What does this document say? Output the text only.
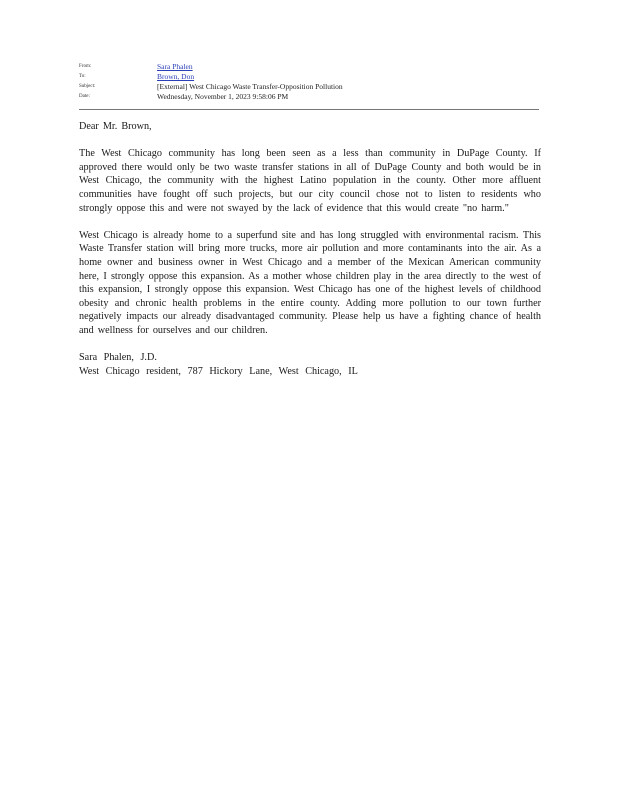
From:	Sara Phalen
To:	Brown, Don
Subject:	[External] West Chicago Waste Transfer-Opposition Pollution
Date:	Wednesday, November 1, 2023 9:58:06 PM

Dear Mr. Brown,

The West Chicago community has long been seen as a less than community in DuPage County. If approved there would only be two waste transfer stations in all of DuPage County and both would be in West Chicago, the community with the highest Latino population in the county. Other more affluent communities have fought off such projects, but our city council chose not to listen to residents who strongly oppose this and were not swayed by the lack of evidence that this would create "no harm."

West Chicago is already home to a superfund site and has long struggled with environmental racism. This Waste Transfer station will bring more trucks, more air pollution and more contaminants into the air. As a home owner and business owner in West Chicago and a member of the Mexican American community here, I strongly oppose this expansion. As a mother whose children play in the area directly to the west of this expansion, I strongly oppose this expansion. West Chicago has one of the highest levels of childhood obesity and chronic health problems in the entire county. Adding more pollution to our town further negatively impacts our already disadvantaged community. Please help us have a fighting chance of health and wellness for ourselves and our children.

Sara Phalen, J.D.
West Chicago resident, 787 Hickory Lane, West Chicago, IL
